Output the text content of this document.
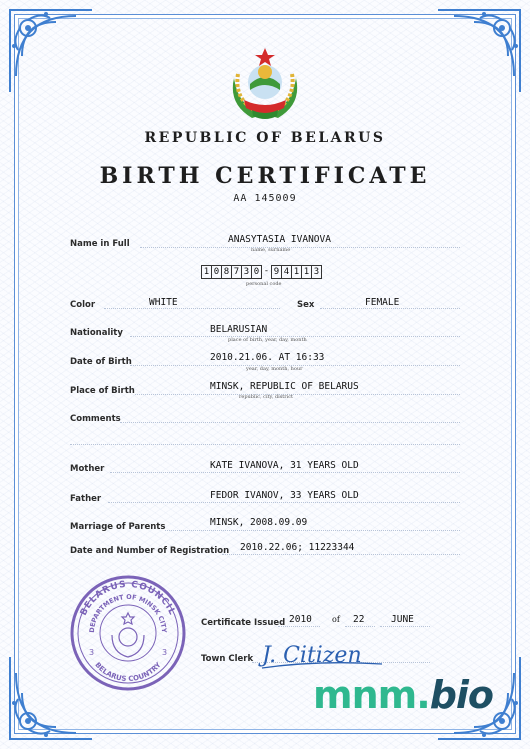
REPUBLIC OF BELARUS
BIRTH CERTIFICATE
AA 145009
Name in Full	ANASYTASIA IVANOVA
name, surname
1 0 8 7 3 0 - 9 4 1 1 3
personal code
Color	WHITE	Sex	FEMALE
Nationality	BELARUSIAN
place of birth, year, day, month
Date of Birth	2010.21.06. AT 16:33
year, day, month, hour
Place of Birth	MINSK, REPUBLIC OF BELARUS
republic, city, district
Comments
Mother	KATE IVANOVA, 31 YEARS OLD
Father	FEDOR IVANOV, 33 YEARS OLD
Marriage of Parents	MINSK, 2008.09.09
Date and Number of Registration 2010.22.06; 11223344
BELARUS COUNCIL
DEPARTMENT OF MINSK CITY
BELARUS COUNTRY
3	3
Certificate Issued 2010	of 22	JUNE
Town Clerk J. Citizen
mnm.bio
